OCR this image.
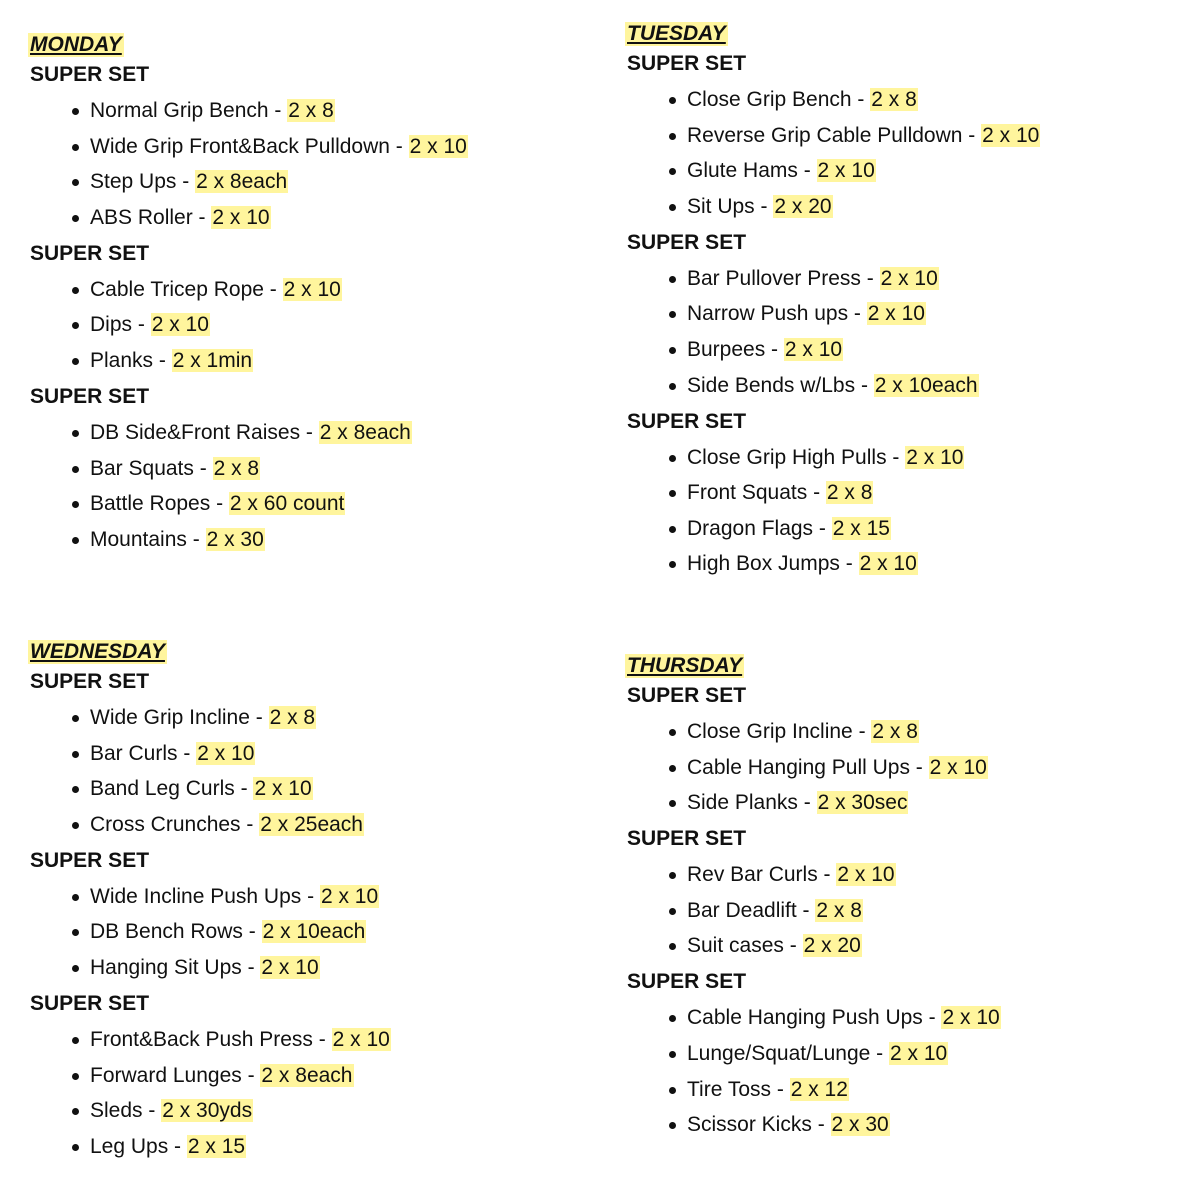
MONDAY
SUPER SET
Normal Grip Bench - 2 x 8
Wide Grip Front&Back Pulldown - 2 x 10
Step Ups - 2 x 8each
ABS Roller - 2 x 10
SUPER SET
Cable Tricep Rope - 2 x 10
Dips - 2 x 10
Planks - 2 x 1min
SUPER SET
DB Side&Front Raises - 2 x 8each
Bar Squats - 2 x 8
Battle Ropes - 2 x 60 count
Mountains - 2 x 30
TUESDAY
SUPER SET
Close Grip Bench - 2 x 8
Reverse Grip Cable Pulldown - 2 x 10
Glute Hams - 2 x 10
Sit Ups - 2 x 20
SUPER SET
Bar Pullover Press - 2 x 10
Narrow Push ups - 2 x 10
Burpees - 2 x 10
Side Bends w/Lbs - 2 x 10each
SUPER SET
Close Grip High Pulls - 2 x 10
Front Squats - 2 x 8
Dragon Flags - 2 x 15
High Box Jumps - 2 x 10
WEDNESDAY
SUPER SET
Wide Grip Incline - 2 x 8
Bar Curls - 2 x 10
Band Leg Curls - 2 x 10
Cross Crunches - 2 x 25each
SUPER SET
Wide Incline Push Ups - 2 x 10
DB Bench Rows - 2 x 10each
Hanging Sit Ups - 2 x 10
SUPER SET
Front&Back Push Press - 2 x 10
Forward Lunges - 2 x 8each
Sleds - 2 x 30yds
Leg Ups - 2 x 15
THURSDAY
SUPER SET
Close Grip Incline - 2 x 8
Cable Hanging Pull Ups - 2 x 10
Side Planks - 2 x 30sec
SUPER SET
Rev Bar Curls - 2 x 10
Bar Deadlift - 2 x 8
Suit cases - 2 x 20
SUPER SET
Cable Hanging Push Ups - 2 x 10
Lunge/Squat/Lunge - 2 x 10
Tire Toss - 2 x 12
Scissor Kicks - 2 x 30
